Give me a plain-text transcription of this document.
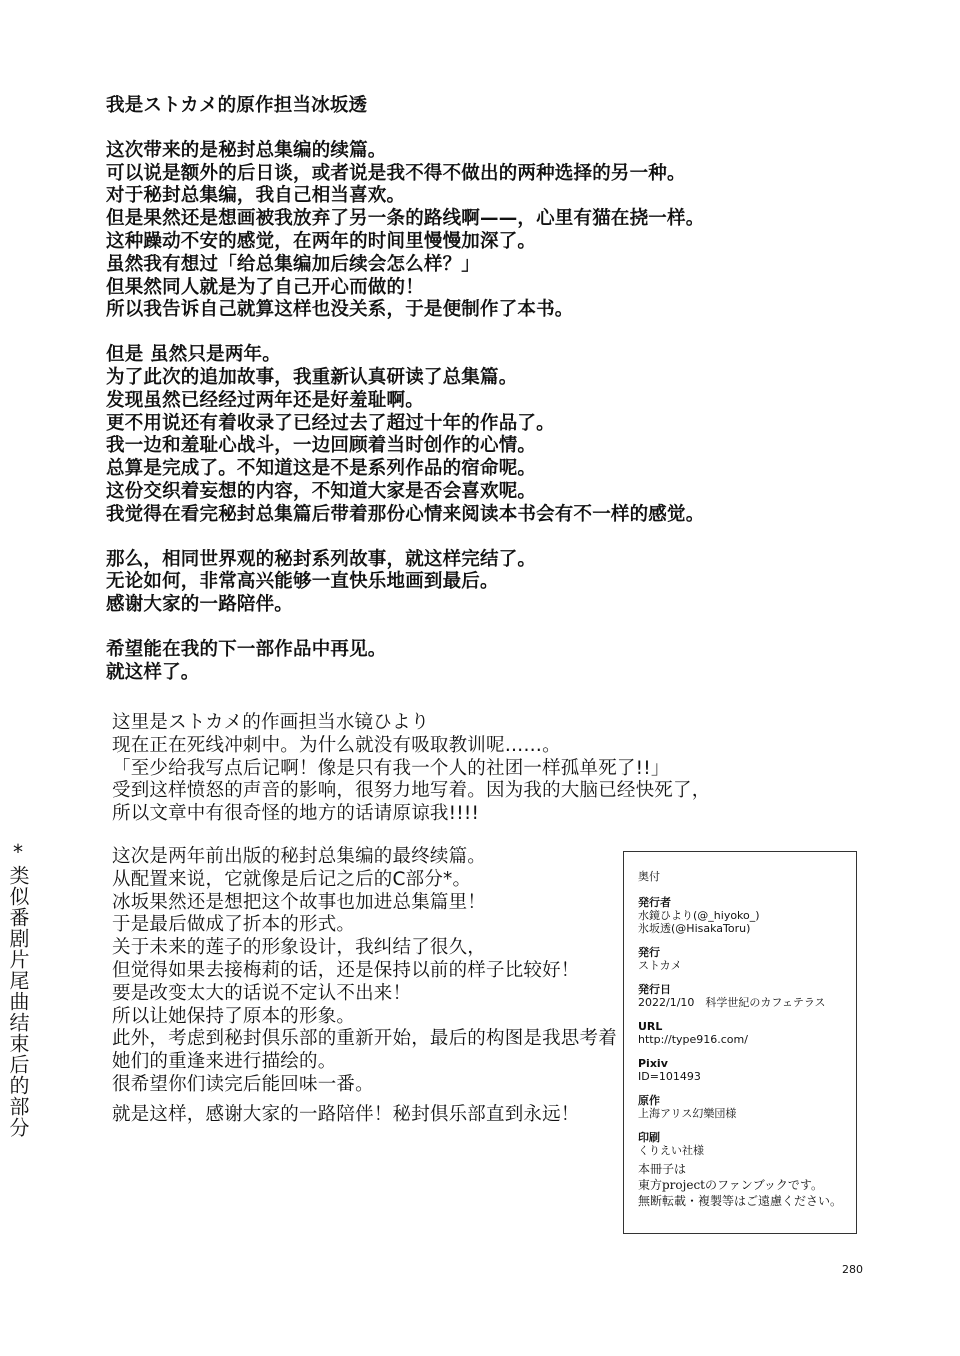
我是ストカメ的原作担当冰坂透
这次带来的是秘封总集编的续篇。
可以说是额外的后日谈，或者说是我不得不做出的两种选择的另一种。
对于秘封总集编，我自己相当喜欢。
但是果然还是想画被我放弃了另一条的路线啊——，心里有猫在挠一样。
这种躁动不安的感觉，在两年的时间里慢慢加深了。
虽然我有想过「给总集编加后续会怎么样？」
但果然同人就是为了自己开心而做的！
所以我告诉自己就算这样也没关系，于是便制作了本书。
但是 虽然只是两年。
为了此次的追加故事，我重新认真研读了总集篇。
发现虽然已经经过两年还是好羞耻啊。
更不用说还有着收录了已经过去了超过十年的作品了。
我一边和羞耻心战斗，一边回顾着当时创作的心情。
总算是完成了。不知道这是不是系列作品的宿命呢。
这份交织着妄想的内容，不知道大家是否会喜欢呢。
我觉得在看完秘封总集篇后带着那份心情来阅读本书会有不一样的感觉。
那么，相同世界观的秘封系列故事，就这样完结了。
无论如何，非常高兴能够一直快乐地画到最后。
感谢大家的一路陪伴。
希望能在我的下一部作品中再见。
就这样了。
这里是ストカメ的作画担当水镜ひより
现在正在死线冲刺中。为什么就没有吸取教训呢……。
「至少给我写点后记啊！像是只有我一个人的社团一样孤单死了!!」
受到这样愤怒的声音的影响，很努力地写着。因为我的大脑已经快死了，
所以文章中有很奇怪的地方的话请原谅我!!!!
这次是两年前出版的秘封总集编的最终续篇。
从配置来说，它就像是后记之后的C部分*。
冰坂果然还是想把这个故事也加进总集篇里！
于是最后做成了折本的形式。
关于未来的莲子的形象设计，我纠结了很久，
但觉得如果去接梅莉的话，还是保持以前的样子比较好！
要是改变太大的话说不定认不出来！
所以让她保持了原本的形象。
此外，考虑到秘封倶乐部的重新开始，最后的构图是我思考着
她们的重逢来进行描绘的。
很希望你们读完后能回味一番。
就是这样，感谢大家的一路陪伴！秘封倶乐部直到永远！
*类似番剧片尾曲结束后的部分	奥付
発行者
水鏡ひより(@_hiyoko_)
氷坂透(@HisakaToru)
発行
ストカメ
発行日
2022/1/10　科学世紀のカフェテラス
URL
http://type916.com/
Pixiv
ID=101493
原作
上海アリス幻樂団様
印刷
くりえい社様
本冊子は
東方projectのファンブックです。
無断転載・複製等はご遠慮ください。
280
